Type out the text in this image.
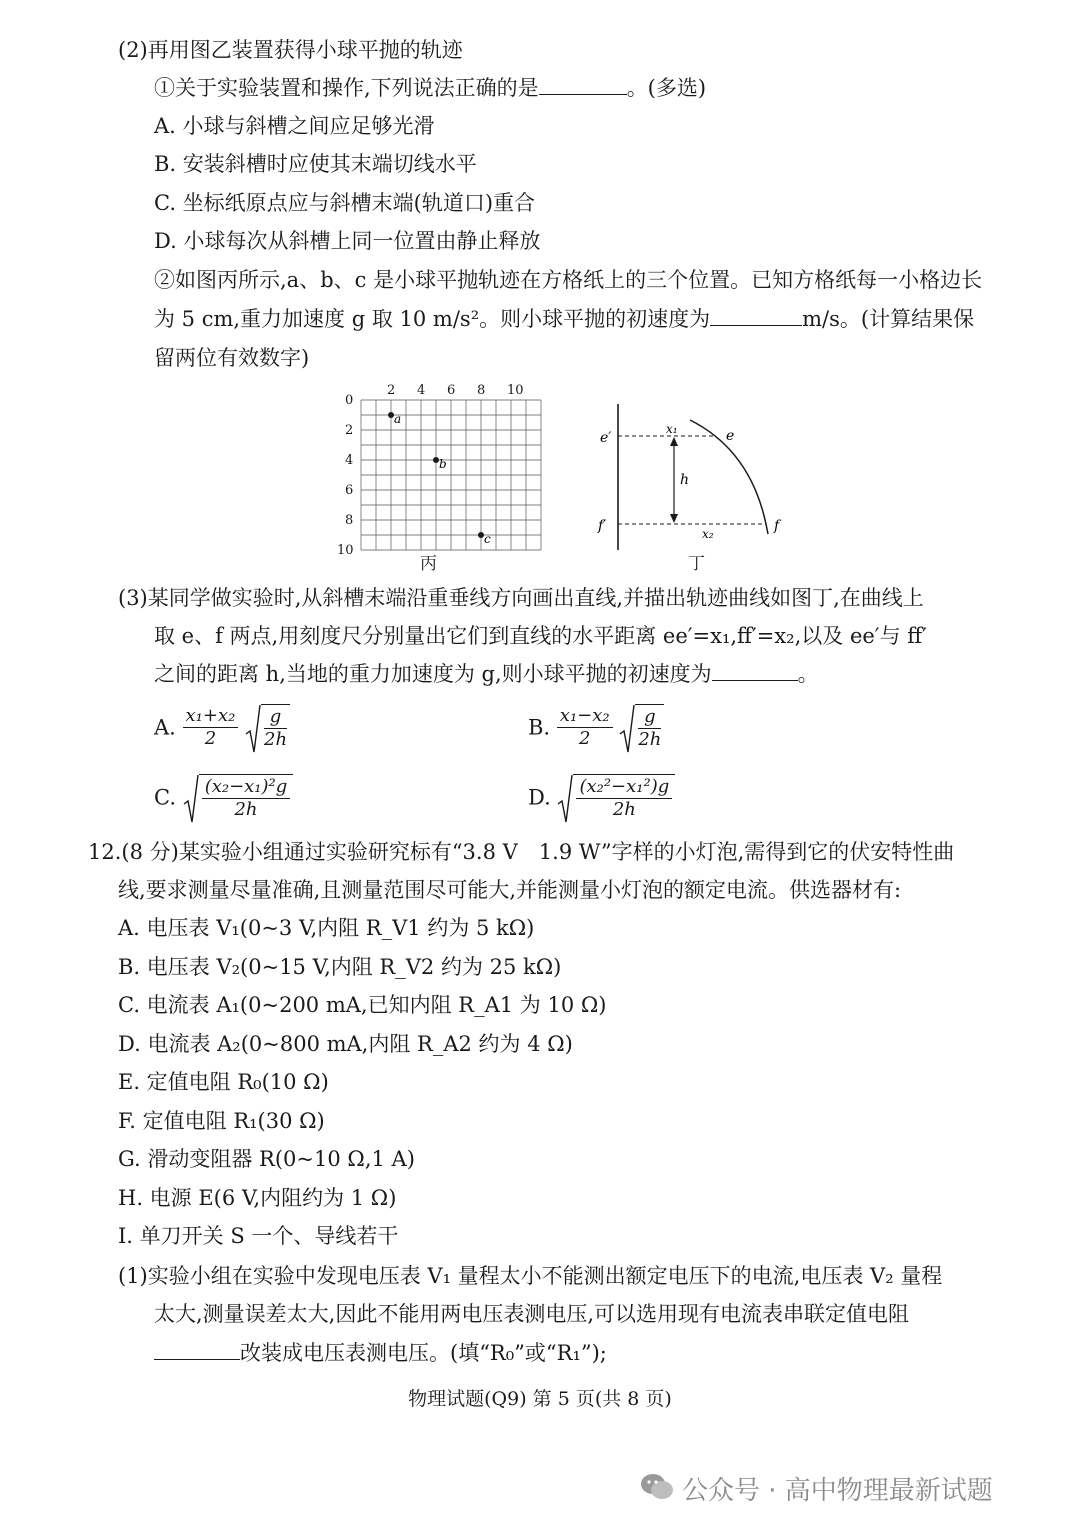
(2)再用图乙装置获得小球平抛的轨迹
①关于实验装置和操作,下列说法正确的是	。(多选)
A. 小球与斜槽之间应足够光滑
B. 安装斜槽时应使其末端切线水平
C. 坐标纸原点应与斜槽末端(轨道口)重合
D. 小球每次从斜槽上同一位置由静止释放
②如图丙所示,a、b、c 是小球平抛轨迹在方格纸上的三个位置。已知方格纸每一小格边长
为 5 cm,重力加速度 g 取 10 m/s²。则小球平抛的初速度为	m/s。(计算结果保
留两位有效数字)
2 4 6 8 10
0
2
4
6
8
10
a
b
c
丙
e′
f′
x₁	e
h
x₂	f
丁
(3)某同学做实验时,从斜槽末端沿重垂线方向画出直线,并描出轨迹曲线如图丁,在曲线上
取 e、f 两点,用刻度尺分别量出它们到直线的水平距离 ee′=x₁,ff′=x₂,以及 ee′与 ff′
之间的距离 h,当地的重力加速度为 g,则小球平抛的初速度为	。
A. $\frac{\text{x₁+x₂}}{2}$
$\frac{g}{2h}$	B. $\frac{\text{x₁−x₂}}{2}$
$\frac{g}{2h}$
C. $\frac{\text{(x₂−x₁)²g}}{2h}$	D. $\frac{\text{(x₂²−x₁²)g}}{2h}$
12.(8 分)某实验小组通过实验研究标有“3.8 V　1.9 W”字样的小灯泡,需得到它的伏安特性曲
线,要求测量尽量准确,且测量范围尽可能大,并能测量小灯泡的额定电流。供选器材有:
A. 电压表 V₁(0~3 V,内阻 R_V1 约为 5 kΩ)
B. 电压表 V₂(0~15 V,内阻 R_V2 约为 25 kΩ)
C. 电流表 A₁(0~200 mA,已知内阻 R_A1 为 10 Ω)
D. 电流表 A₂(0~800 mA,内阻 R_A2 约为 4 Ω)
E. 定值电阻 R₀(10 Ω)
F. 定值电阻 R₁(30 Ω)
G. 滑动变阻器 R(0~10 Ω,1 A)
H. 电源 E(6 V,内阻约为 1 Ω)
I. 单刀开关 S 一个、导线若干
(1)实验小组在实验中发现电压表 V₁ 量程太小不能测出额定电压下的电流,电压表 V₂ 量程
太大,测量误差太大,因此不能用两电压表测电压,可以选用现有电流表串联定值电阻
改装成电压表测电压。(填“R₀”或“R₁”);
物理试题(Q9) 第 5 页(共 8 页)
公众号 · 高中物理最新试题
